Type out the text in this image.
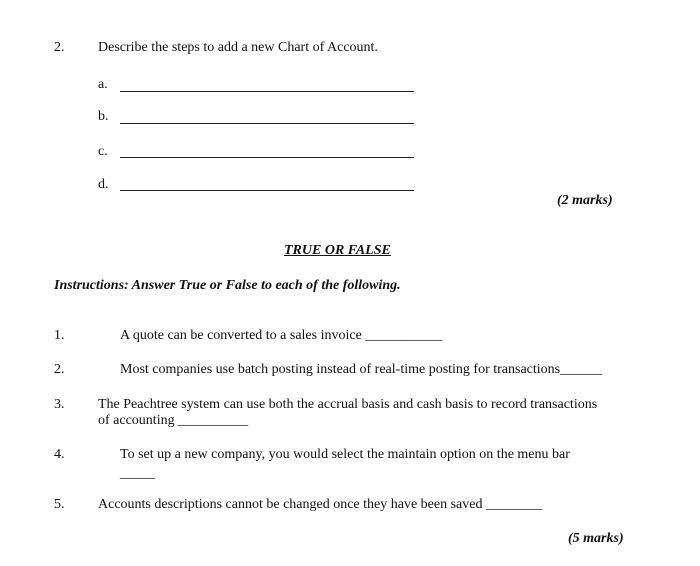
2. Describe the steps to add a new Chart of Account.
a.
b.
c.
d.
(2 marks)
TRUE OR FALSE
Instructions: Answer True or False to each of the following.
1.	A quote can be converted to a sales invoice ___________
2.	Most companies use batch posting instead of real-time posting for transactions______
3. The Peachtree system can use both the accrual basis and cash basis to record transactions
of accounting __________
4.	To set up a new company, you would select the maintain option on the menu bar
_____
5. Accounts descriptions cannot be changed once they have been saved ________
(5 marks)
